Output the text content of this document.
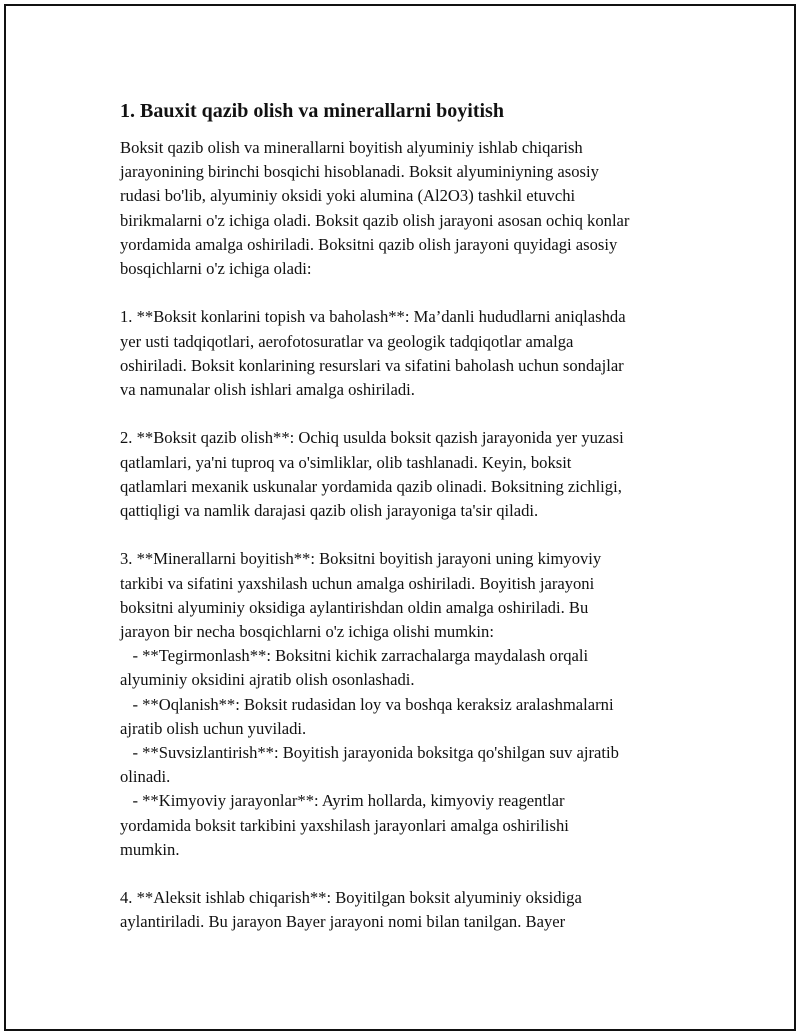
1. Bauxit qazib olish va minerallarni boyitish

Boksit qazib olish va minerallarni boyitish alyuminiy ishlab chiqarish
jarayonining birinchi bosqichi hisoblanadi. Boksit alyuminiyning asosiy
rudasi bo'lib, alyuminiy oksidi yoki alumina (Al2O3) tashkil etuvchi
birikmalarni o'z ichiga oladi. Boksit qazib olish jarayoni asosan ochiq konlar
yordamida amalga oshiriladi. Boksitni qazib olish jarayoni quyidagi asosiy
bosqichlarni o'z ichiga oladi:

1. **Boksit konlarini topish va baholash**: Ma’danli hududlarni aniqlashda
yer usti tadqiqotlari, aerofotosuratlar va geologik tadqiqotlar amalga
oshiriladi. Boksit konlarining resurslari va sifatini baholash uchun sondajlar
va namunalar olish ishlari amalga oshiriladi.

2. **Boksit qazib olish**: Ochiq usulda boksit qazish jarayonida yer yuzasi
qatlamlari, ya'ni tuproq va o'simliklar, olib tashlanadi. Keyin, boksit
qatlamlari mexanik uskunalar yordamida qazib olinadi. Boksitning zichligi,
qattiqligi va namlik darajasi qazib olish jarayoniga ta'sir qiladi.

3. **Minerallarni boyitish**: Boksitni boyitish jarayoni uning kimyoviy
tarkibi va sifatini yaxshilash uchun amalga oshiriladi. Boyitish jarayoni
boksitni alyuminiy oksidiga aylantirishdan oldin amalga oshiriladi. Bu
jarayon bir necha bosqichlarni o'z ichiga olishi mumkin:
- **Tegirmonlash**: Boksitni kichik zarrachalarga maydalash orqali
alyuminiy oksidini ajratib olish osonlashadi.
- **Oqlanish**: Boksit rudasidan loy va boshqa keraksiz aralashmalarni
ajratib olish uchun yuviladi.
- **Suvsizlantirish**: Boyitish jarayonida boksitga qo'shilgan suv ajratib
olinadi.
- **Kimyoviy jarayonlar**: Ayrim hollarda, kimyoviy reagentlar
yordamida boksit tarkibini yaxshilash jarayonlari amalga oshirilishi
mumkin.

4. **Aleksit ishlab chiqarish**: Boyitilgan boksit alyuminiy oksidiga
aylantiriladi. Bu jarayon Bayer jarayoni nomi bilan tanilgan. Bayer
